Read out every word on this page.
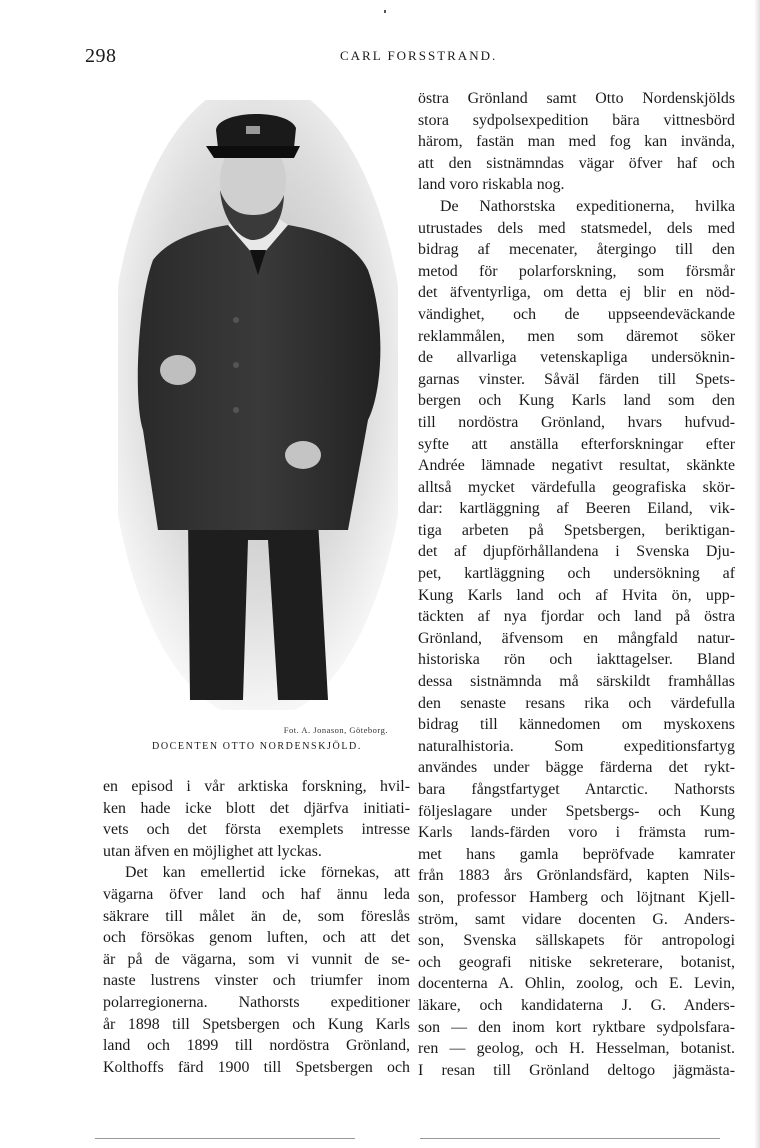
298	CARL FORSSTRAND.
Fot. A. Jonason, Göteborg.
DOCENTEN OTTO NORDENSKJÖLD.
en episod i vår arktiska forskning, hvil-
ken hade icke blott det djärfva initiati-
vets och det första exemplets intresse
utan äfven en möjlighet att lyckas.
Det kan emellertid icke förnekas, att
vägarna öfver land och haf ännu leda
säkrare till målet än de, som föreslås
och försökas genom luften, och att det
är på de vägarna, som vi vunnit de se-
naste lustrens vinster och triumfer inom
polarregionerna. Nathorsts expeditioner
år 1898 till Spetsbergen och Kung Karls
land och 1899 till nordöstra Grönland,
Kolthoffs färd 1900 till Spetsbergen och
östra Grönland samt Otto Nordenskjölds
stora sydpolsexpedition bära vittnesbörd
härom, fastän man med fog kan invända,
att den sistnämndas vägar öfver haf och
land voro riskabla nog.
De Nathorstska expeditionerna, hvilka
utrustades dels med statsmedel, dels med
bidrag af mecenater, återgingo till den
metod för polarforskning, som försmår
det äfventyrliga, om detta ej blir en nöd-
vändighet, och de uppseendeväckande
reklammålen, men som däremot söker
de allvarliga vetenskapliga undersöknin-
garnas vinster. Såväl färden till Spets-
bergen och Kung Karls land som den
till nordöstra Grönland, hvars hufvud-
syfte att anställa efterforskningar efter
Andrée lämnade negativt resultat, skänkte
alltså mycket värdefulla geografiska skör-
dar: kartläggning af Beeren Eiland, vik-
tiga arbeten på Spetsbergen, beriktigan-
det af djupförhållandena i Svenska Dju-
pet, kartläggning och undersökning af
Kung Karls land och af Hvita ön, upp-
täckten af nya fjordar och land på östra
Grönland, äfvensom en mångfald natur-
historiska rön och iakttagelser. Bland
dessa sistnämnda må särskildt framhållas
den senaste resans rika och värdefulla
bidrag till kännedomen om myskoxens
naturalhistoria. Som expeditionsfartyg
användes under bägge färderna det rykt-
bara fångstfartyget Antarctic. Nathorsts
följeslagare under Spetsbergs- och Kung
Karls lands-färden voro i främsta rum-
met hans gamla bepröfvade kamrater
från 1883 års Grönlandsfärd, kapten Nils-
son, professor Hamberg och löjtnant Kjell-
ström, samt vidare docenten G. Anders-
son, Svenska sällskapets för antropologi
och geografi nitiske sekreterare, botanist,
docenterna A. Ohlin, zoolog, och E. Levin,
läkare, och kandidaterna J. G. Anders-
son — den inom kort ryktbare sydpolsfara-
ren — geolog, och H. Hesselman, botanist.
I resan till Grönland deltogo jägmästa-
